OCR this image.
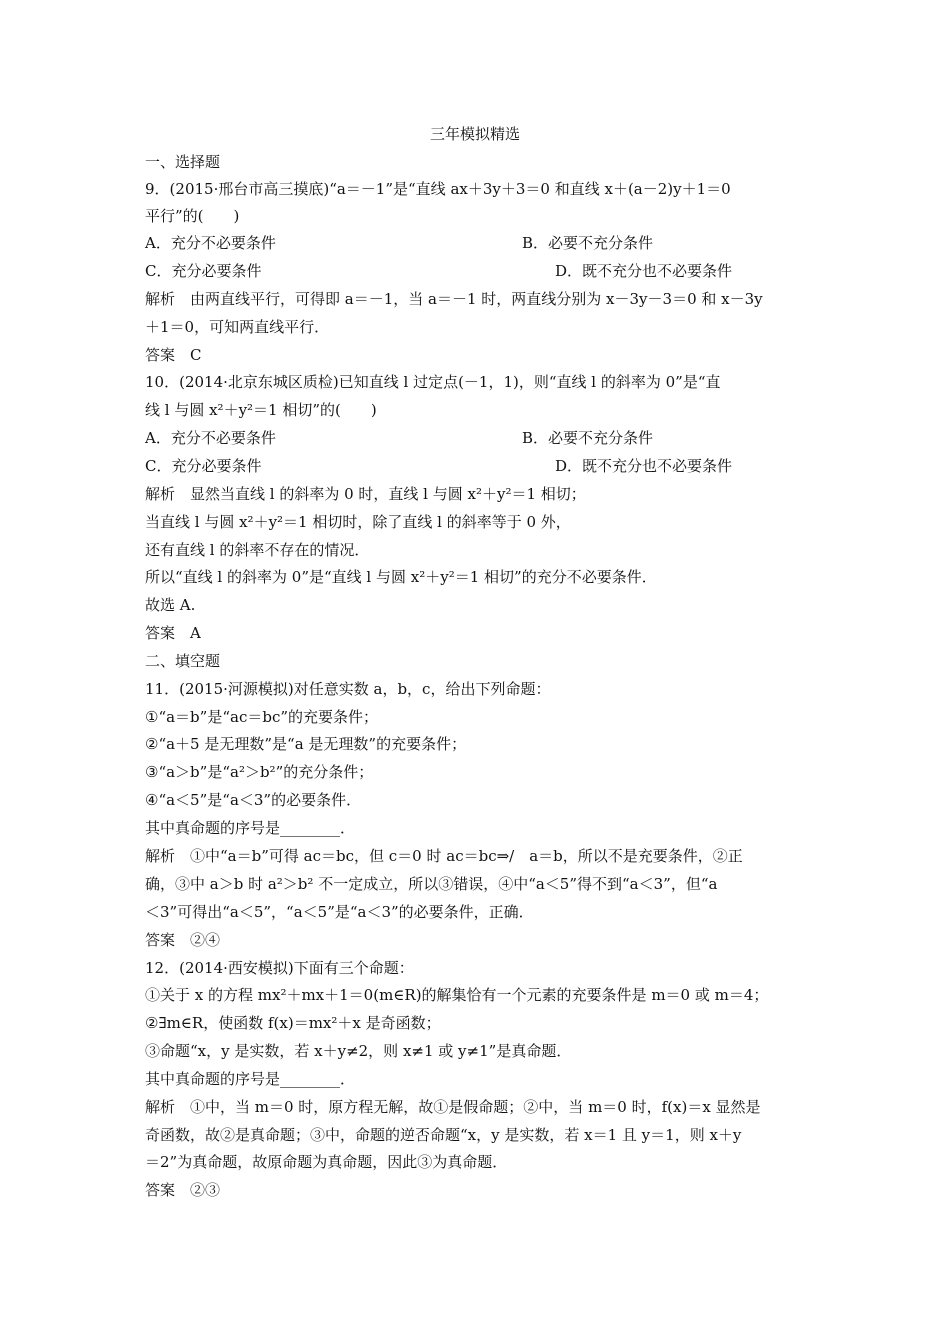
三年模拟精选
一、选择题
9．(2015·邢台市高三摸底)“a＝－1”是“直线 ax＋3y＋3＝0 和直线 x＋(a－2)y＋1＝0
平行”的(　　)
A．充分不必要条件	B．必要不充分条件
C．充分必要条件	D．既不充分也不必要条件
解析　由两直线平行，可得即 a＝－1，当 a＝－1 时，两直线分别为 x－3y－3＝0 和 x－3y
＋1＝0，可知两直线平行．
答案　C
10．(2014·北京东城区质检)已知直线 l 过定点(－1，1)，则“直线 l 的斜率为 0”是“直
线 l 与圆 x²＋y²＝1 相切”的(　　)
A．充分不必要条件	B．必要不充分条件
C．充分必要条件	D．既不充分也不必要条件
解析　显然当直线 l 的斜率为 0 时，直线 l 与圆 x²＋y²＝1 相切；
当直线 l 与圆 x²＋y²＝1 相切时，除了直线 l 的斜率等于 0 外，
还有直线 l 的斜率不存在的情况．
所以“直线 l 的斜率为 0”是“直线 l 与圆 x²＋y²＝1 相切”的充分不必要条件．
故选 A.
答案　A
二、填空题
11．(2015·河源模拟)对任意实数 a，b，c，给出下列命题：
①“a＝b”是“ac＝bc”的充要条件；
②“a＋5 是无理数”是“a 是无理数”的充要条件；
③“a＞b”是“a²＞b²”的充分条件；
④“a＜5”是“a＜3”的必要条件．
其中真命题的序号是________．
解析　①中“a＝b”可得 ac＝bc，但 c＝0 时 ac＝bc⇒/　a＝b，所以不是充要条件，②正
确，③中 a＞b 时 a²＞b² 不一定成立，所以③错误，④中“a＜5”得不到“a＜3”，但“a
＜3”可得出“a＜5”，“a＜5”是“a＜3”的必要条件，正确．
答案　②④
12．(2014·西安模拟)下面有三个命题：
①关于 x 的方程 mx²＋mx＋1＝0(m∈R)的解集恰有一个元素的充要条件是 m＝0 或 m＝4；
②∃m∈R，使函数 f(x)＝mx²＋x 是奇函数；
③命题“x，y 是实数，若 x＋y≠2，则 x≠1 或 y≠1”是真命题．
其中真命题的序号是________．
解析　①中，当 m＝0 时，原方程无解，故①是假命题；②中，当 m＝0 时，f(x)＝x 显然是
奇函数，故②是真命题；③中，命题的逆否命题“x，y 是实数，若 x＝1 且 y＝1，则 x＋y
＝2”为真命题，故原命题为真命题，因此③为真命题．
答案　②③
